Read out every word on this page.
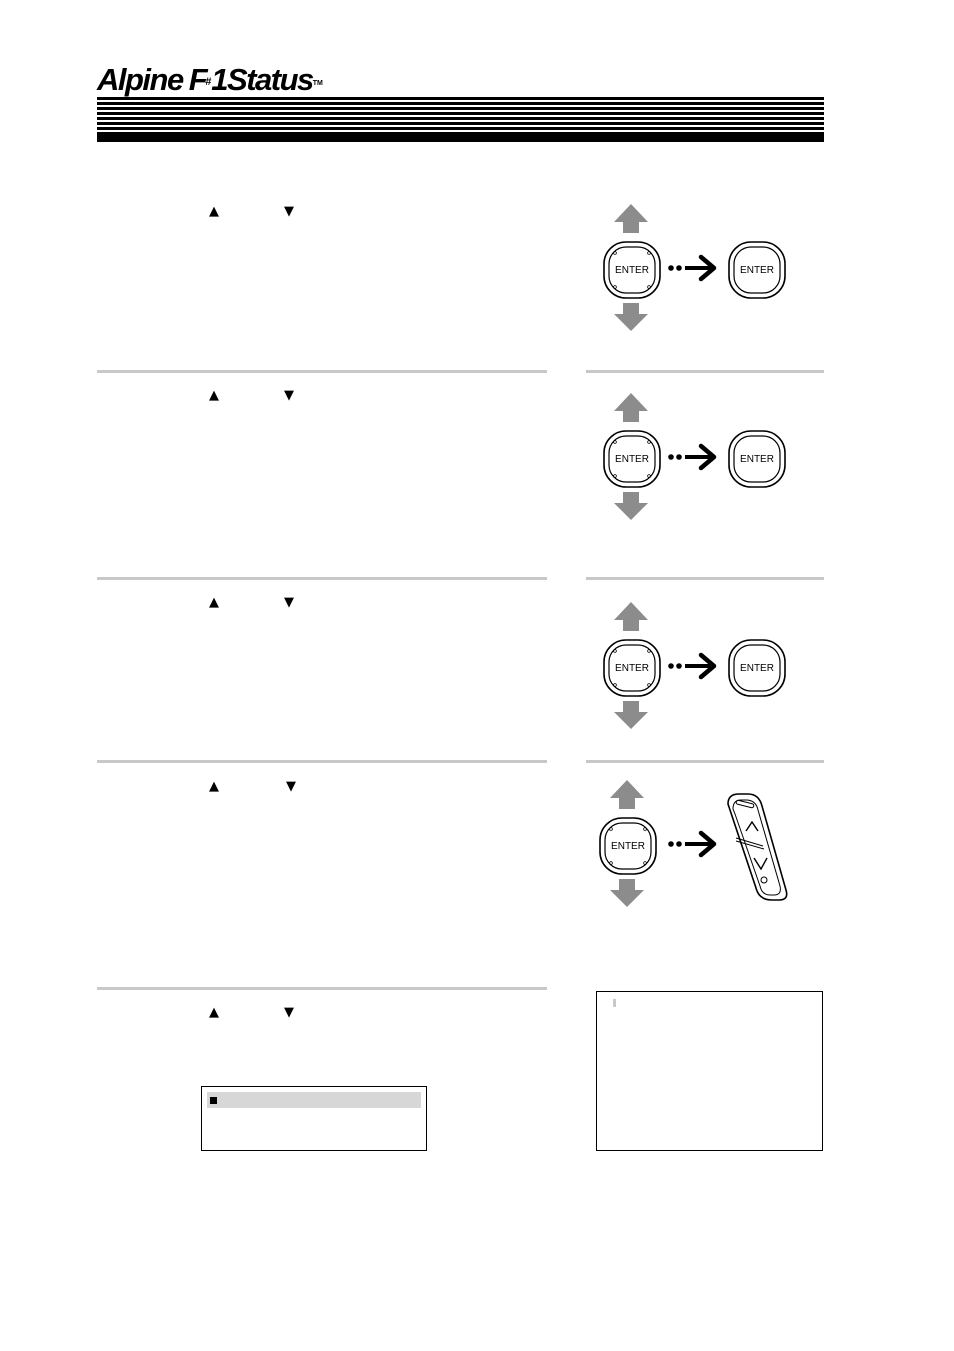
Alpine F#1Status™
▲	▼
ENTER	ENTER
▲	▼
ENTER	ENTER
▲	▼
ENTER	ENTER
▲	▼
ENTER
▲	▼
